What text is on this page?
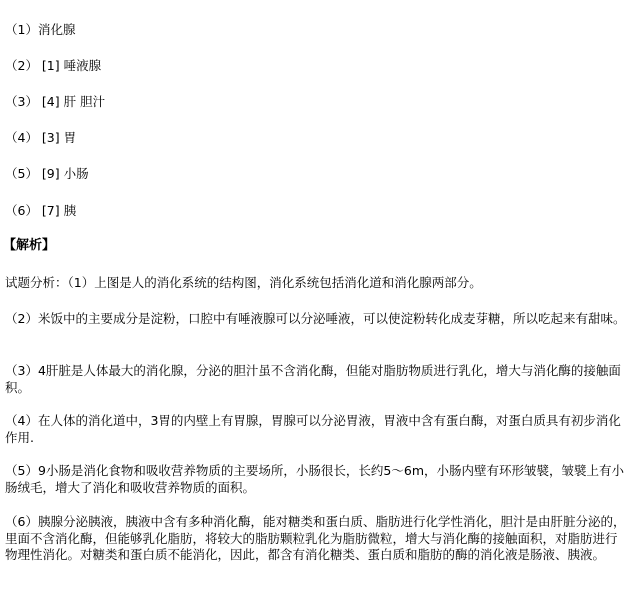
（1）消化腺
（2） [1] 唾液腺
（3） [4] 肝 胆汁
（4） [3] 胃
（5） [9] 小肠
（6） [7] 胰
【解析】
试题分析：（1）上图是人的消化系统的结构图，消化系统包括消化道和消化腺两部分。
（2）米饭中的主要成分是淀粉，口腔中有唾液腺可以分泌唾液，可以使淀粉转化成麦芽糖，所以吃起来有甜味。
（3）4肝脏是人体最大的消化腺，分泌的胆汁虽不含消化酶，但能对脂肪物质进行乳化，增大与消化酶的接触面积。
（4）在人体的消化道中，3胃的内壁上有胃腺，胃腺可以分泌胃液，胃液中含有蛋白酶，对蛋白质具有初步消化作用.
（5）9小肠是消化食物和吸收营养物质的主要场所，小肠很长，长约5～6m，小肠内壁有环形皱襞，皱襞上有小肠绒毛，增大了消化和吸收营养物质的面积。
（6）胰腺分泌胰液，胰液中含有多种消化酶，能对糖类和蛋白质、脂肪进行化学性消化，胆汁是由肝脏分泌的，里面不含消化酶，但能够乳化脂肪，将较大的脂肪颗粒乳化为脂肪微粒，增大与消化酶的接触面积，对脂肪进行物理性消化。对糖类和蛋白质不能消化，因此，都含有消化糖类、蛋白质和脂肪的酶的消化液是肠液、胰液。
